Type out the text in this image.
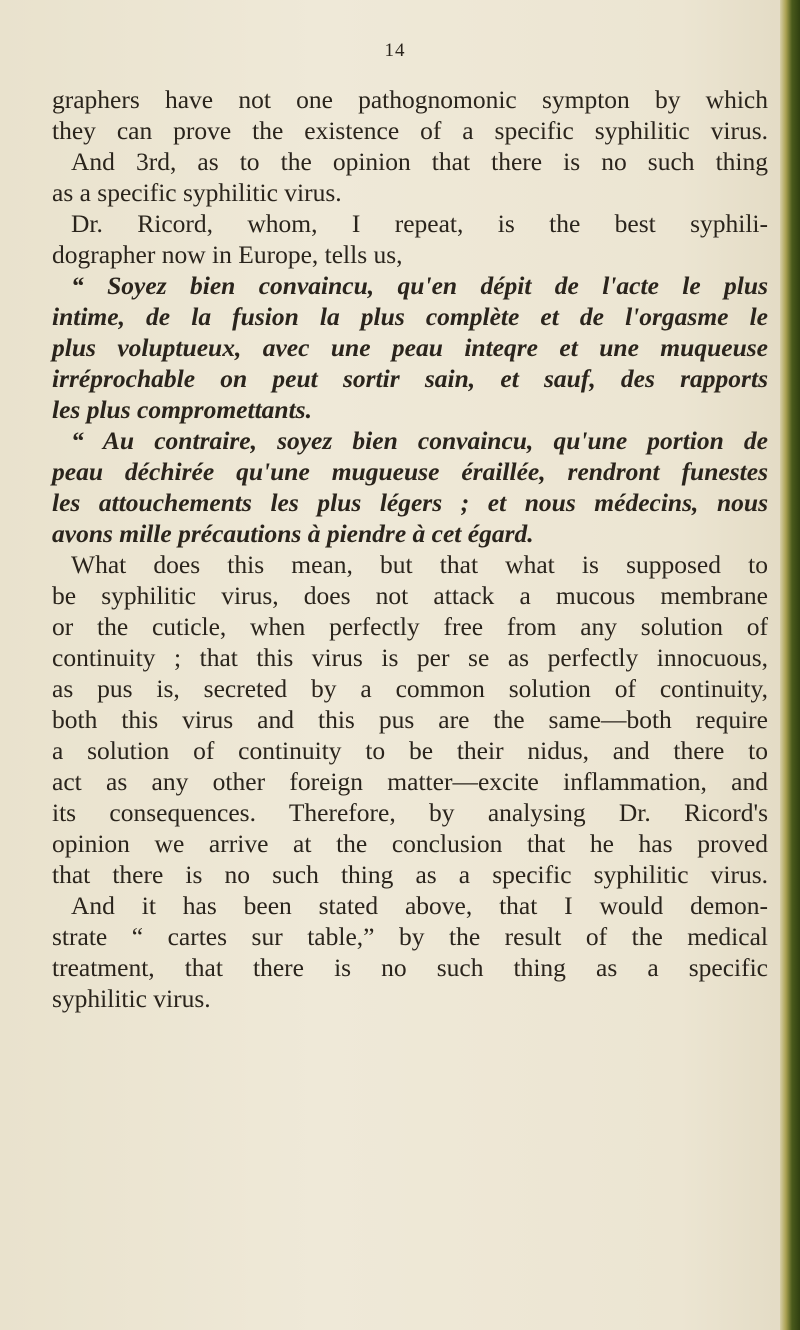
14
graphers have not one pathognomonic sympton by which
they can prove the existence of a specific syphilitic virus.
And 3rd, as to the opinion that there is no such thing
as a specific syphilitic virus.
Dr. Ricord, whom, I repeat, is the best syphili-
dographer now in Europe, tells us,
“ Soyez bien convaincu, qu'en dépit de l'acte le plus
intime, de la fusion la plus complète et de l'orgasme le
plus voluptueux, avec une peau inteqre et une muqueuse
irréprochable on peut sortir sain, et sauf, des rapports
les plus compromettants.
“ Au contraire, soyez bien convaincu, qu'une portion de
peau déchirée qu'une mugueuse éraillée, rendront funestes
les attouchements les plus légers ; et nous médecins, nous
avons mille précautions à piendre à cet égard.
What does this mean, but that what is supposed to
be syphilitic virus, does not attack a mucous membrane
or the cuticle, when perfectly free from any solution of
continuity ; that this virus is per se as perfectly innocuous,
as pus is, secreted by a common solution of continuity,
both this virus and this pus are the same—both require
a solution of continuity to be their nidus, and there to
act as any other foreign matter—excite inflammation, and
its consequences. Therefore, by analysing Dr. Ricord's
opinion we arrive at the conclusion that he has proved
that there is no such thing as a specific syphilitic virus.
And it has been stated above, that I would demon-
strate “ cartes sur table,” by the result of the medical
treatment, that there is no such thing as a specific
syphilitic virus.
